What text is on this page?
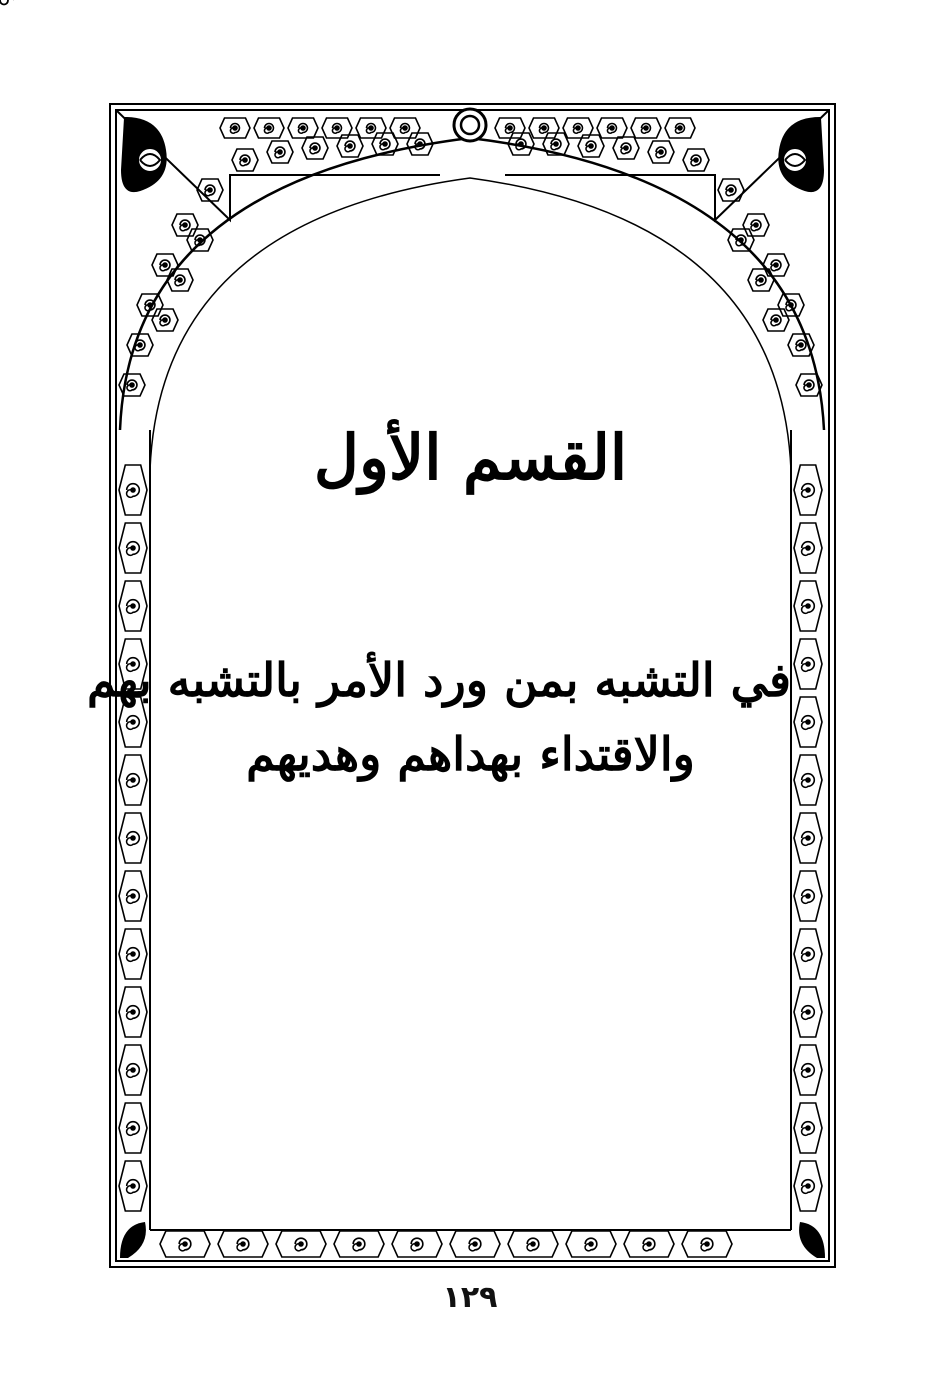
القسم الأول
في التشبه بمن ورد الأمر بالتشبه بهم
والاقتداء بهداهم وهديهم
١٢٩
